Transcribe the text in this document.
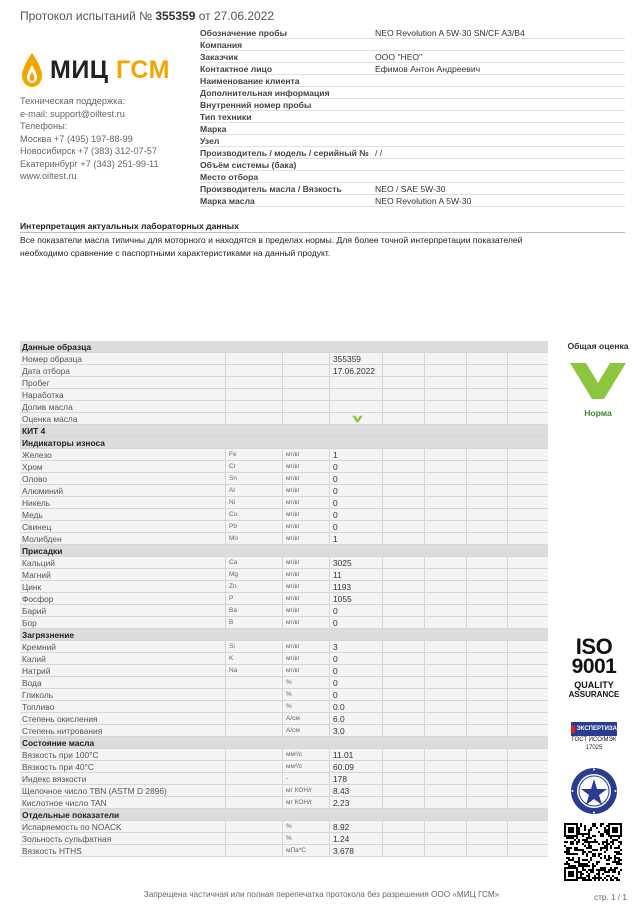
Протокол испытаний № 355359 от 27.06.2022
МИЦ ГСМ
Техническая поддержка:
e-mail: support@oiltest.ru
Телефоны:
Москва +7 (495) 197-88-99
Новосибирск +7 (383) 312-07-57
Екатеринбург +7 (343) 251-99-11
www.oiltest.ru
Обозначение пробы	NEO Revolution A 5W-30 SN/CF A3/B4
Компания
Заказчик	ООО "НЕО"
Контактное лицо	Ефимов Антон Андреевич
Наименование клиента
Дополнительная информация
Внутренний номер пробы
Тип техники
Марка
Узел
Производитель / модель / серийный № / /
Объём системы (бака)
Место отбора
Производитель масла / Вязкость	NEO / SAE 5W-30
Марка масла	NEO Revolution A 5W-30
Интерпретация актуальных лабораторных данных
Все показатели масла типичны для моторного и находятся в пределах нормы. Для более точной интерпретации показателей
необходимо сравнение с паспортными характеристиками на данный продукт.
Данные образца
Номер образца	355359
Дата отбора	17.06.2022
Пробег
Наработка
Долив масла
Оценка масла
КИТ 4
Индикаторы износа
Железо	Fe	мг/кг	1
Хром	Cr	мг/кг	0
Олово	Sn	мг/кг	0
Алюминий	Al	мг/кг	0
Никель	Ni	мг/кг	0
Медь	Cu	мг/кг	0
Свинец	Pb	мг/кг	0
Молибден	Mo	мг/кг	1
Присадки
Кальций	Ca	мг/кг	3025
Магний	Mg	мг/кг	11
Цинк	Zn	мг/кг	1193
Фосфор	P	мг/кг	1055
Барий	Ba	мг/кг	0
Бор	B	мг/кг	0
Загрязнение
Кремний	Si	мг/кг	3
Калий	K	мг/кг	0
Натрий	Na	мг/кг	0
Вода	%	0
Гликоль	%	0
Топливо	%	0.0
Степень окисления	А/см	6.0
Степень нитрования	А/см	3.0
Состояние масла
Вязкость при 100°С	мм²/с	11.01
Вязкость при 40°С	мм²/с	60.09
Индекс вязкости	-	178
Щелочное число TBN (ASTM D 2896)	мг КОН/г	8.43
Кислотное число TAN	мг КОН/г	2.23
Отдельные показатели
Испаряемость по NOACK	%	8.92
Зольность сульфатная	%	1.24
Вязкость HTHS	мПа*С	3.678
Общая оценка
Норма
ISO
9001
QUALITY
ASSURANCE
ЭКСПЕРТИЗА
ГОСТ ИСО/МЭК
17025
Запрещена частичная или полная перепечатка протокола без разрешения ООО «МИЦ ГСМ»	стр. 1 / 1
